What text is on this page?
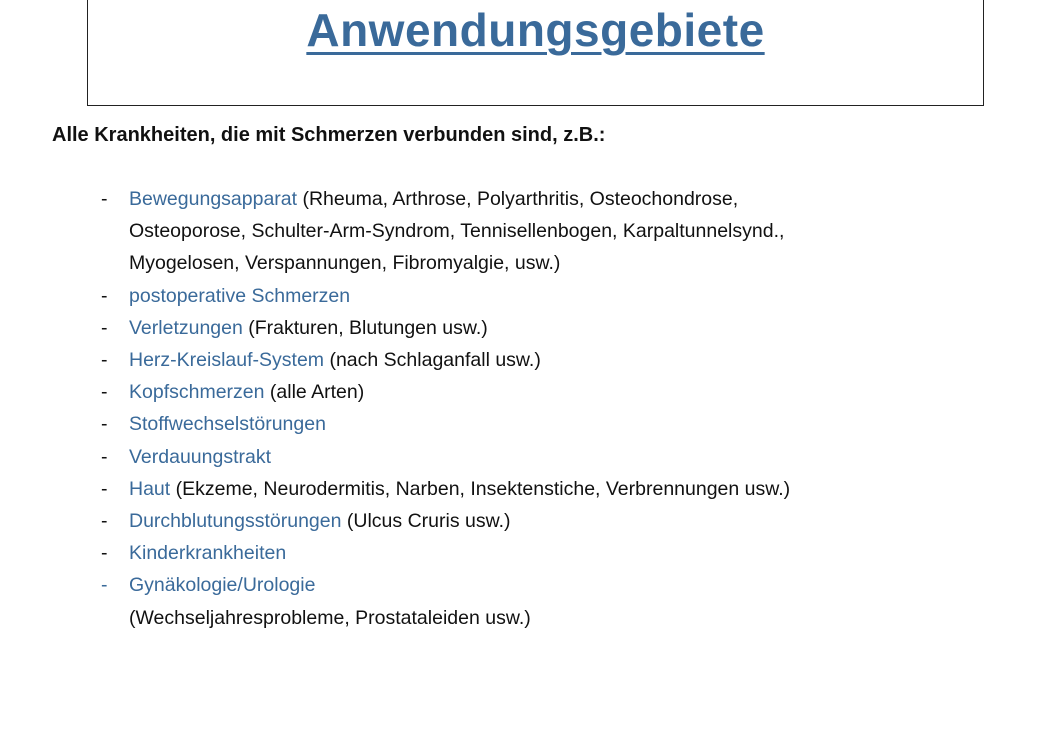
Anwendungsgebiete
Alle Krankheiten, die mit Schmerzen verbunden sind, z.B.:
-	Bewegungsapparat (Rheuma, Arthrose, Polyarthritis, Osteochondrose,
Osteoporose, Schulter-Arm-Syndrom, Tennisellenbogen, Karpaltunnelsynd.,
Myogelosen, Verspannungen, Fibromyalgie, usw.)
-	postoperative Schmerzen
-	Verletzungen (Frakturen, Blutungen usw.)
-	Herz-Kreislauf-System (nach Schlaganfall usw.)
-	Kopfschmerzen (alle Arten)
-	Stoffwechselstörungen
-	Verdauungstrakt
-	Haut (Ekzeme, Neurodermitis, Narben, Insektenstiche, Verbrennungen usw.)
-	Durchblutungsstörungen (Ulcus Cruris usw.)
-	Kinderkrankheiten
-	Gynäkologie/Urologie
(Wechseljahresprobleme, Prostataleiden usw.)
